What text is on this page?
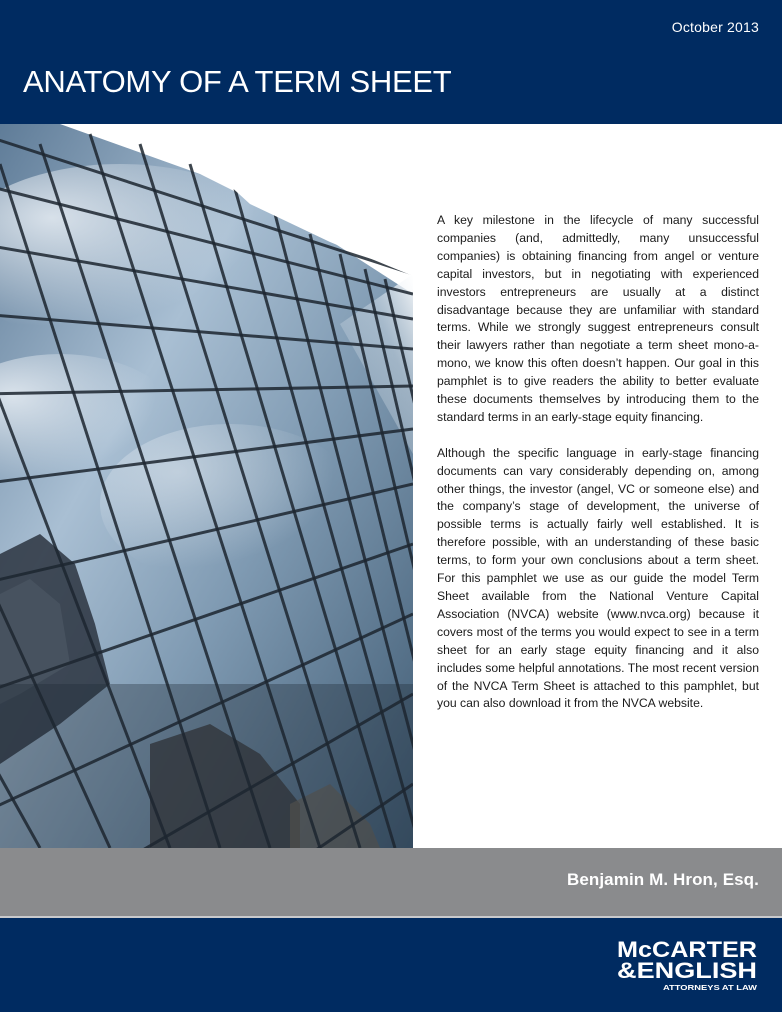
October 2013
ANATOMY OF A TERM SHEET

A key milestone in the lifecycle of many successful companies (and, admittedly, many unsuccessful companies) is obtaining financing from angel or venture capital investors, but in negotiating with experienced investors entrepreneurs are usually at a distinct disadvantage because they are unfamiliar with standard terms. While we strongly suggest entrepreneurs consult their lawyers rather than negotiate a term sheet mono-a-mono, we know this often doesn’t happen. Our goal in this pamphlet is to give readers the ability to better evaluate these documents themselves by introducing them to the standard terms in an early-stage equity financing.

Although the specific language in early-stage financing documents can vary considerably depending on, among other things, the investor (angel, VC or someone else) and the company’s stage of development, the universe of possible terms is actually fairly well established. It is therefore possible, with an understanding of these basic terms, to form your own conclusions about a term sheet. For this pamphlet we use as our guide the model Term Sheet available from the National Venture Capital Association (NVCA) website (www.nvca.org) because it covers most of the terms you would expect to see in a term sheet for an early stage equity financing and it also includes some helpful annotations. The most recent version of the NVCA Term Sheet is attached to this pamphlet, but you can also download it from the NVCA website.

Benjamin M. Hron, Esq.
McCARTER
&ENGLISH
ATTORNEYS AT LAW
